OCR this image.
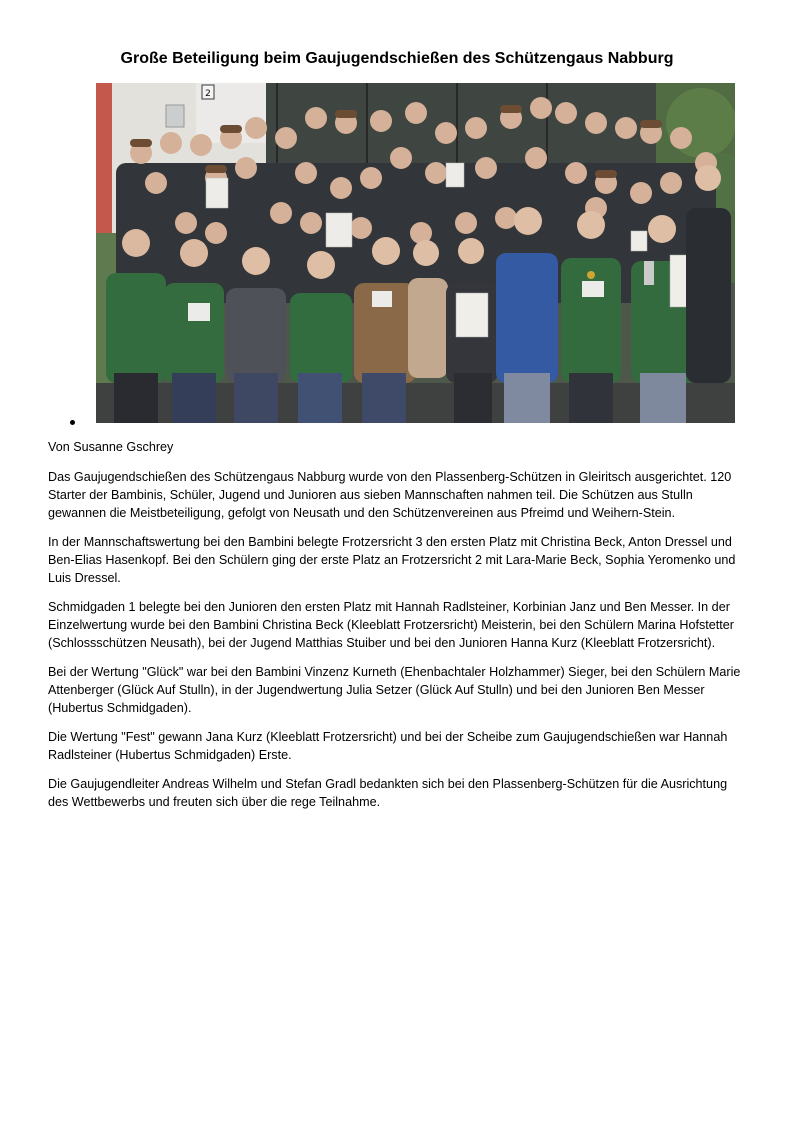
Große Beteiligung beim Gaujugendschießen des Schützengaus Nabburg
2

Von Susanne Gschrey

Das Gaujugendschießen des Schützengaus Nabburg wurde von den Plassenberg-Schützen in Gleiritsch ausgerichtet. 120 Starter der Bambinis, Schüler, Jugend und Junioren aus sieben Mannschaften nahmen teil. Die Schützen aus Stulln gewannen die Meistbeteiligung, gefolgt von Neusath und den Schützenvereinen aus Pfreimd und Weihern-Stein.

In der Mannschaftswertung bei den Bambini belegte Frotzersricht 3 den ersten Platz mit Christina Beck, Anton Dressel und Ben-Elias Hasenkopf. Bei den Schülern ging der erste Platz an Frotzersricht 2 mit Lara-Marie Beck, Sophia Yeromenko und Luis Dressel.

Schmidgaden 1 belegte bei den Junioren den ersten Platz mit Hannah Radlsteiner, Korbinian Janz und Ben Messer. In der Einzelwertung wurde bei den Bambini Christina Beck (Kleeblatt Frotzersricht) Meisterin, bei den Schülern Marina Hofstetter (Schlossschützen Neusath), bei der Jugend Matthias Stuiber und bei den Junioren Hanna Kurz (Kleeblatt Frotzersricht).

Bei der Wertung "Glück" war bei den Bambini Vinzenz Kurneth (Ehenbachtaler Holzhammer) Sieger, bei den Schülern Marie Attenberger (Glück Auf Stulln), in der Jugendwertung Julia Setzer (Glück Auf Stulln) und bei den Junioren Ben Messer (Hubertus Schmidgaden).

Die Wertung "Fest" gewann Jana Kurz (Kleeblatt Frotzersricht) und bei der Scheibe zum Gaujugendschießen war Hannah Radlsteiner (Hubertus Schmidgaden) Erste.

Die Gaujugendleiter Andreas Wilhelm und Stefan Gradl bedankten sich bei den Plassenberg-Schützen für die Ausrichtung des Wettbewerbs und freuten sich über die rege Teilnahme.
